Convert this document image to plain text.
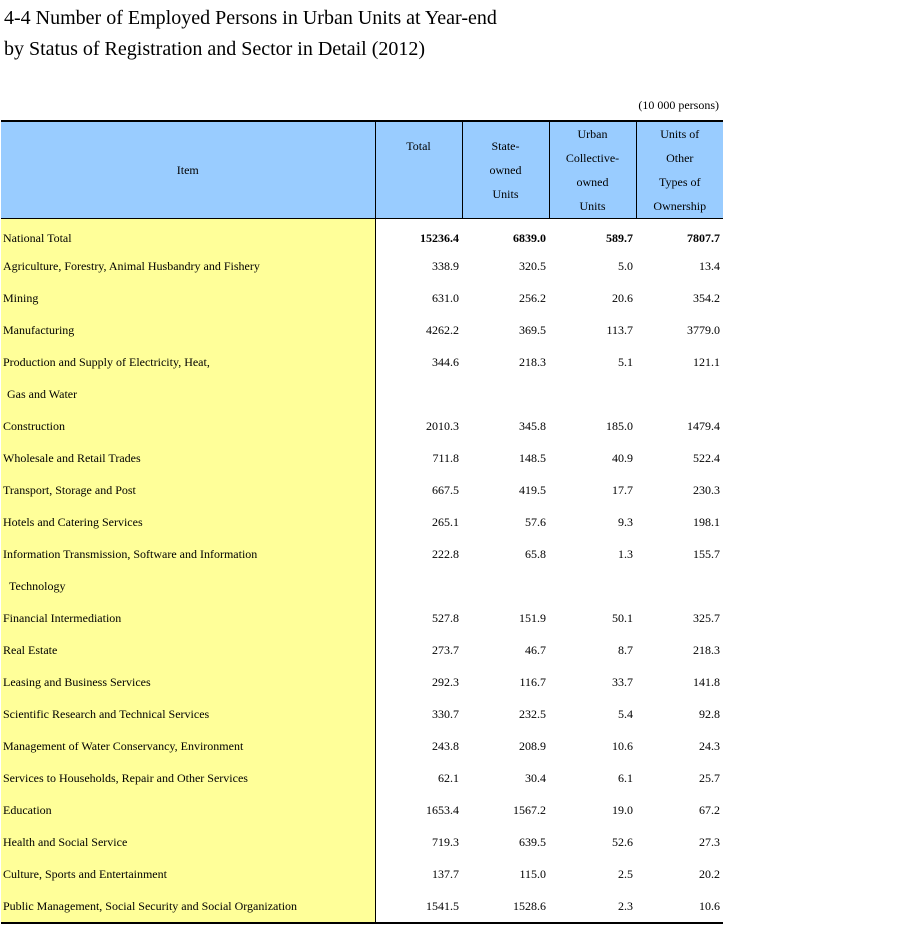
4-4 Number of Employed Persons in Urban Units at Year-end
by Status of Registration and Sector in Detail (2012)
(10 000 persons)
Item	Total	State-
owned
Units	Urban
Collective-
owned
Units	Units of
Other
Types of
Ownership

National Total	15236.4	6839.0	589.7	7807.7
Agriculture, Forestry, Animal Husbandry and Fishery	338.9	320.5	5.0	13.4
Mining	631.0	256.2	20.6	354.2
Manufacturing	4262.2	369.5	113.7	3779.0
Production and Supply of Electricity, Heat,	344.6	218.3	5.1	121.1
Gas and Water				
Construction	2010.3	345.8	185.0	1479.4
Wholesale and Retail Trades	711.8	148.5	40.9	522.4
Transport, Storage and Post	667.5	419.5	17.7	230.3
Hotels and Catering Services	265.1	57.6	9.3	198.1
Information Transmission, Software and Information	222.8	65.8	1.3	155.7
Technology				
Financial Intermediation	527.8	151.9	50.1	325.7
Real Estate	273.7	46.7	8.7	218.3
Leasing and Business Services	292.3	116.7	33.7	141.8
Scientific Research and Technical Services	330.7	232.5	5.4	92.8
Management of Water Conservancy, Environment	243.8	208.9	10.6	24.3
Services to Households, Repair and Other Services	62.1	30.4	6.1	25.7
Education	1653.4	1567.2	19.0	67.2
Health and Social Service	719.3	639.5	52.6	27.3
Culture, Sports and Entertainment	137.7	115.0	2.5	20.2
Public Management, Social Security and Social Organization	1541.5	1528.6	2.3	10.6
